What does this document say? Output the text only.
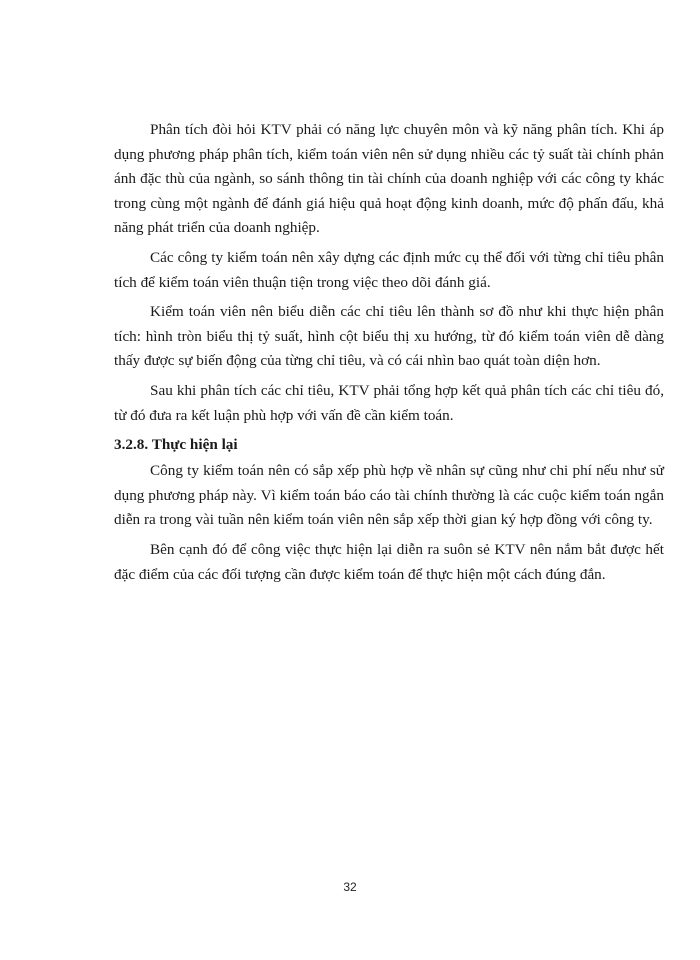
Phân tích đòi hỏi KTV phải có năng lực chuyên môn và kỹ năng phân tích. Khi áp dụng phương pháp phân tích, kiểm toán viên nên sử dụng nhiều các tỷ suất tài chính phản ánh đặc thù của ngành, so sánh thông tin tài chính của doanh nghiệp với các công ty khác trong cùng một ngành để đánh giá hiệu quả hoạt động kinh doanh, mức độ phấn đấu, khả năng phát triển của doanh nghiệp.

Các công ty kiểm toán nên xây dựng các định mức cụ thể đối với từng chỉ tiêu phân tích để kiểm toán viên thuận tiện trong việc theo dõi đánh giá.

Kiểm toán viên nên biểu diễn các chỉ tiêu lên thành sơ đồ như khi thực hiện phân tích: hình tròn biểu thị tỷ suất, hình cột biểu thị xu hướng, từ đó kiểm toán viên dễ dàng thấy được sự biến động của từng chỉ tiêu, và có cái nhìn bao quát toàn diện hơn.

Sau khi phân tích các chỉ tiêu, KTV phải tổng hợp kết quả phân tích các chỉ tiêu đó, từ đó đưa ra kết luận phù hợp với vấn đề cần kiểm toán.

3.2.8. Thực hiện lại

Công ty kiểm toán nên có sắp xếp phù hợp về nhân sự cũng như chi phí nếu như sử dụng phương pháp này. Vì kiểm toán báo cáo tài chính thường là các cuộc kiểm toán ngắn diễn ra trong vài tuần nên kiểm toán viên nên sắp xếp thời gian ký hợp đồng với công ty.

Bên cạnh đó để công việc thực hiện lại diễn ra suôn sẻ KTV nên nắm bắt được hết đặc điểm của các đối tượng cần được kiểm toán để thực hiện một cách đúng đắn.

32
